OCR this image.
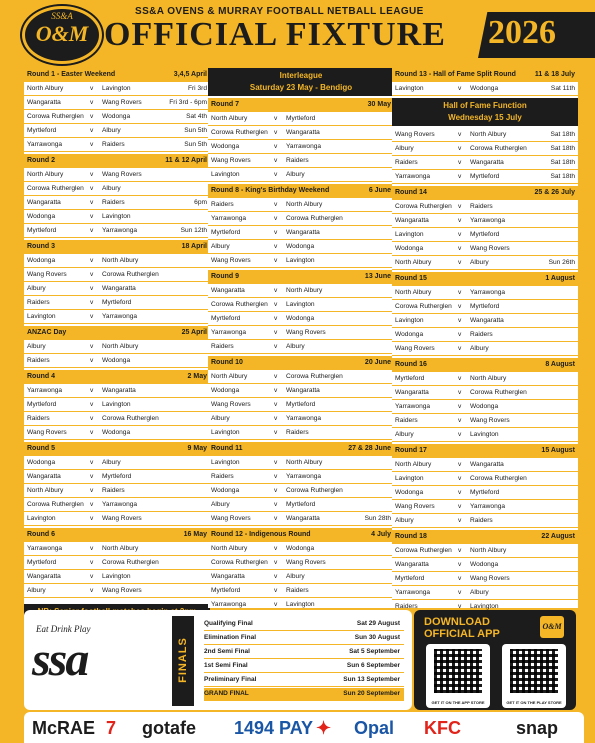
SS&A
O&M
SS&A OVENS & MURRAY FOOTBALL NETBALL LEAGUE
OFFICIAL FIXTURE 2026
Round 1 - Easter Weekend	3,4,5 April
North Albury	v Lavington	Fri 3rd
Wangaratta	v Wang Rovers	Fri 3rd - 6pm
Corowa Rutherglen v Wodonga	Sat 4th
Myrtleford	v Albury	Sun 5th
Yarrawonga	v Raiders	Sun 5th
Round 2	11 & 12 April
North Albury	v Wang Rovers
Corowa Rutherglen v Albury
Wangaratta	v Raiders	6pm
Wodonga	v Lavington
Myrtleford	v Yarrawonga	Sun 12th
Round 3	18 April
Wodonga	v North Albury
Wang Rovers	v Corowa Rutherglen
Albury	v Wangaratta
Raiders	v Myrtleford
Lavington	v Yarrawonga
ANZAC Day	25 April
Albury	v North Albury
Raiders	v Wodonga
Round 4	2 May
Yarrawonga	v Wangaratta
Myrtleford	v Lavington
Raiders	v Corowa Rutherglen
Wang Rovers	v Wodonga
Round 5	9 May
Wodonga	v Albury
Wangaratta	v Myrtleford
North Albury	v Raiders
Corowa Rutherglen v Yarrawonga
Lavington	v Wang Rovers
Round 6	16 May
Yarrawonga	v North Albury
Myrtleford	v Corowa Rutherglen
Wangaratta	v Lavington
Albury	v Wang Rovers
Interleague
Saturday 23 May - Bendigo
Round 7	30 May
North Albury	v Myrtleford
Corowa Rutherglen v Wangaratta
Wodonga	v Yarrawonga
Wang Rovers	v Raiders
Lavington	v Albury
Round 8 - King's Birthday Weekend	6 June
Raiders	v North Albury
Yarrawonga	v Corowa Rutherglen
Myrtleford	v Wangaratta
Albury	v Wodonga
Wang Rovers	v Lavington
Round 9	13 June
Wangaratta	v North Albury
Corowa Rutherglen v Lavington
Myrtleford	v Wodonga
Yarrawonga	v Wang Rovers
Raiders	v Albury
Round 10	20 June
North Albury	v Corowa Rutherglen
Wodonga	v Wangaratta
Wang Rovers	v Myrtleford
Albury	v Yarrawonga
Lavington	v Raiders
Round 11	27 & 28 June
Lavington	v North Albury
Raiders	v Yarrawonga
Wodonga	v Corowa Rutherglen
Albury	v Myrtleford
Wang Rovers	v Wangaratta	Sun 28th
Round 12 - Indigenous Round	4 July
North Albury	v Wodonga
Corowa Rutherglen v Wang Rovers
Wangaratta	v Albury
Myrtleford	v Raiders
Yarrawonga	v Lavington
Round 13 - Hall of Fame Split Round	11 & 18 July
Lavington	v Wodonga	Sat 11th
Hall of Fame Function
Wednesday 15 July
Wang Rovers	v North Albury	Sat 18th
Albury	v Corowa Rutherglen	Sat 18th
Raiders	v Wangaratta	Sat 18th
Yarrawonga	v Myrtleford	Sat 18th
Round 14	25 & 26 July
Corowa Rutherglen v Raiders
Wangaratta	v Yarrawonga
Lavington	v Myrtleford
Wodonga	v Wang Rovers
North Albury	v Albury	Sun 26th
Round 15	1 August
North Albury	v Yarrawonga
Corowa Rutherglen v Myrtleford
Lavington	v Wangaratta
Wodonga	v Raiders
Wang Rovers	v Albury
Round 16	8 August
Myrtleford	v North Albury
Wangaratta	v Corowa Rutherglen
Yarrawonga	v Wodonga
Raiders	v Wang Rovers
Albury	v Lavington
Round 17	15 August
North Albury	v Wangaratta
Lavington	v Corowa Rutherglen
Wodonga	v Myrtleford
Wang Rovers	v Yarrawonga
Albury	v Raiders
Round 18	22 August
Corowa Rutherglen v North Albury
Wangaratta	v Wodonga
Myrtleford	v Wang Rovers
Yarrawonga	v Albury
Raiders	v Lavington
Eat Drink Play
ssa	FINALS
Qualifying Final	Sat 29 August
Elimination Final	Sun 30 August
2nd Semi Final	Sat 5 September
1st Semi Final	Sun 6 September
Preliminary Final	Sun 13 September
GRAND FINAL	Sun 20 September
DOWNLOAD
OFFICIAL APP
O&M
GET IT ON THE APP STORE	GET IT ON THE PLAY STORE
McRAE 7 gotafe 1494 PAY ✦ Opal KFC	snap
